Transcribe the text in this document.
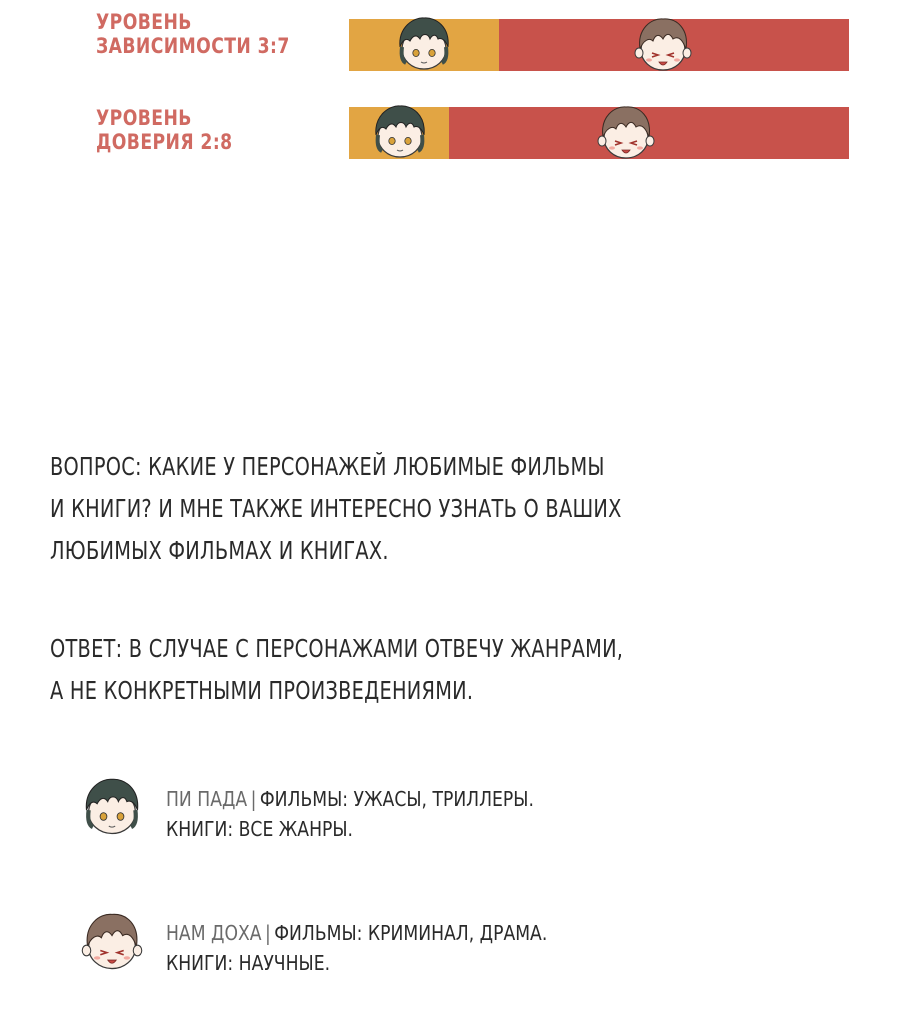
УРОВЕНЬ
ЗАВИСИМОСТИ 3:7
УРОВЕНЬ
ДОВЕРИЯ 2:8
ВОПРОС: КАКИЕ У ПЕРСОНАЖЕЙ ЛЮБИМЫЕ ФИЛЬМЫ
И КНИГИ? И МНЕ ТАКЖЕ ИНТЕРЕСНО УЗНАТЬ О ВАШИХ
ЛЮБИМЫХ ФИЛЬМАХ И КНИГАХ.
ОТВЕТ: В СЛУЧАЕ С ПЕРСОНАЖАМИ ОТВЕЧУ ЖАНРАМИ,
А НЕ КОНКРЕТНЫМИ ПРОИЗВЕДЕНИЯМИ.
ПИ ПАДА | ФИЛЬМЫ: УЖАСЫ, ТРИЛЛЕРЫ.
КНИГИ: ВСЕ ЖАНРЫ.
НАМ ДОХА | ФИЛЬМЫ: КРИМИНАЛ, ДРАМА.
КНИГИ: НАУЧНЫЕ.
